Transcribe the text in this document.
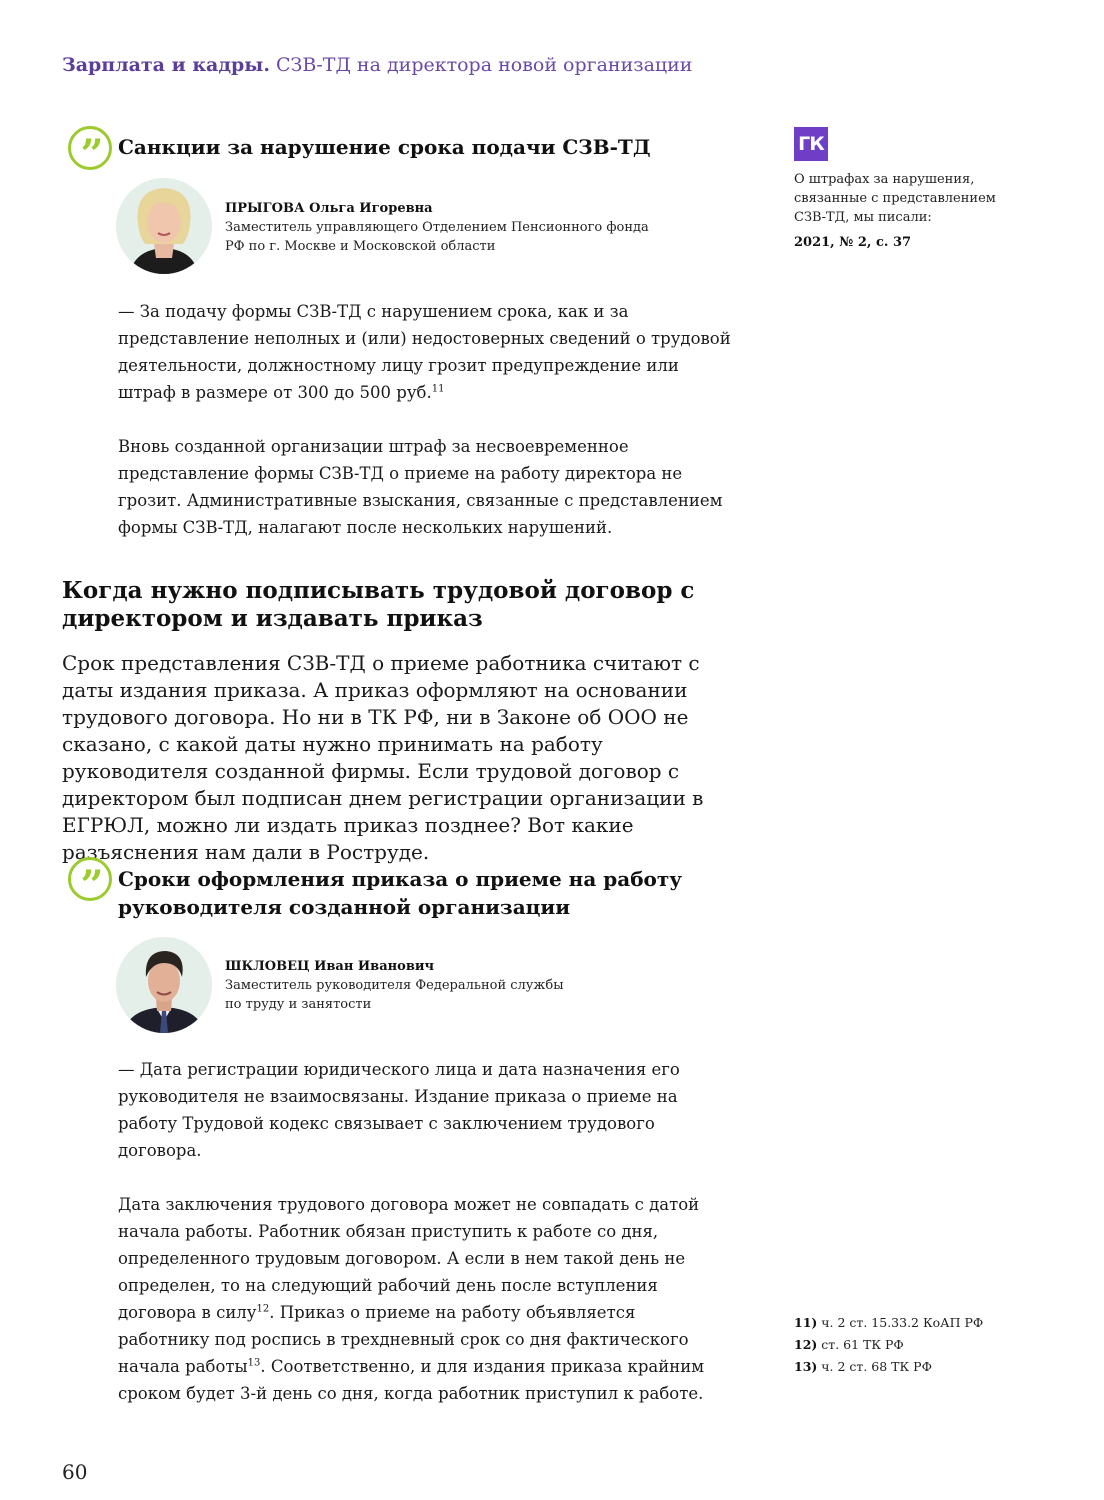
Зарплата и кадры. СЗВ-ТД на директора новой организации
” Санкции за нарушение срока подачи СЗВ-ТД
ПРЫГОВА Ольга Игоревна
Заместитель управляющего Отделением Пенсионного фонда РФ по г. Москве и Московской области

— За подачу формы СЗВ-ТД с нарушением срока, как и за представление неполных и (или) недостоверных сведений о трудовой деятельности, должностному лицу грозит предупреждение или штраф в размере от 300 до 500 руб.$^{11}$

Вновь созданной организации штраф за несвоевременное представление формы СЗВ-ТД о приеме на работу директора не грозит. Административные взыскания, связанные с представлением формы СЗВ-ТД, налагают после нескольких нарушений.

Когда нужно подписывать трудовой договор с директором и издавать приказ
Срок представления СЗВ-ТД о приеме работника считают с даты издания приказа. А приказ оформляют на основании трудового договора. Но ни в ТК РФ, ни в Законе об ООО не сказано, с какой даты нужно принимать на работу руководителя созданной фирмы. Если трудовой договор с директором был подписан днем регистрации организации в ЕГРЮЛ, можно ли издать приказ позднее? Вот какие разъяснения нам дали в Роструде.
” Сроки оформления приказа о приеме на работу руководителя созданной организации
ШКЛОВЕЦ Иван Иванович
Заместитель руководителя Федеральной службы по труду и занятости

— Дата регистрации юридического лица и дата назначения его руководителя не взаимосвязаны. Издание приказа о приеме на работу Трудовой кодекс связывает с заключением трудового договора.

Дата заключения трудового договора может не совпадать с датой начала работы. Работник обязан приступить к работе со дня, определенного трудовым договором. А если в нем такой день не определен, то на следующий рабочий день после вступления договора в силу$^{12}$. Приказ о приеме на работу объявляется работнику под роспись в трехдневный срок со дня фактического начала работы$^{13}$. Соответственно, и для издания приказа крайним сроком будет 3-й день со дня, когда работник приступил к работе.

ГК
О штрафах за нарушения, связанные с представлением СЗВ-ТД, мы писали:
2021, № 2, с. 37
11) ч. 2 ст. 15.33.2 КоАП РФ
12) ст. 61 ТК РФ
13) ч. 2 ст. 68 ТК РФ
60
